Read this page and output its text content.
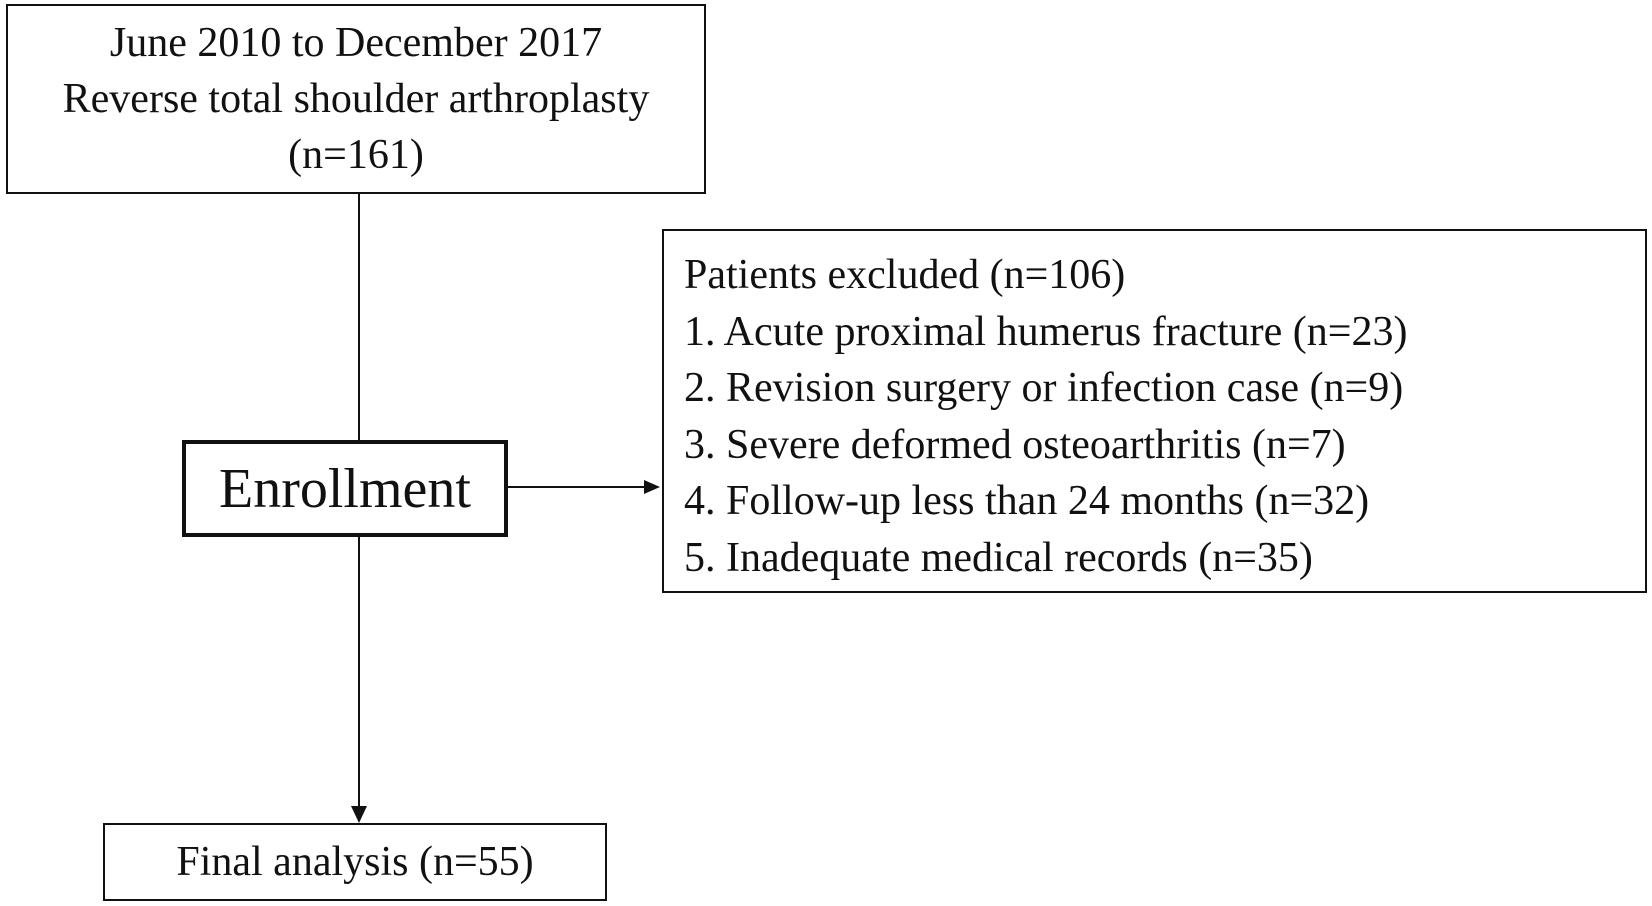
June 2010 to December 2017
Reverse total shoulder arthroplasty
(n=161)
Enrollment
Patients excluded (n=106)
1. Acute proximal humerus fracture (n=23)
2. Revision surgery or infection case (n=9)
3. Severe deformed osteoarthritis (n=7)
4. Follow-up less than 24 months (n=32)
5. Inadequate medical records (n=35)
Final analysis (n=55)
